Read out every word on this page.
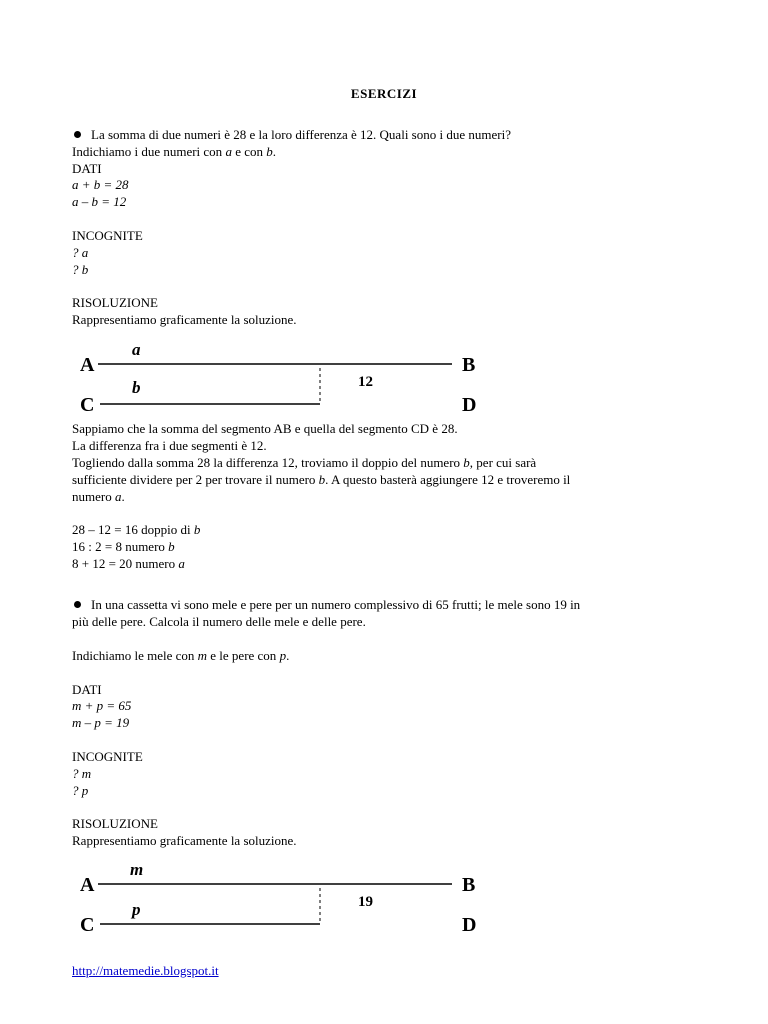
ESERCIZI
La somma di due numeri è 28 e la loro differenza è 12. Quali sono i due numeri?
Indichiamo i due numeri con a e con b.
DATI
a + b = 28
a – b = 12
INCOGNITE
? a
? b
RISOLUZIONE
Rappresentiamo graficamente la soluzione.
A
C
B
D
a
b	12
Sappiamo che la somma del segmento AB e quella del segmento CD è 28.
La differenza fra i due segmenti è 12.
Togliendo dalla somma 28 la differenza 12, troviamo il doppio del numero b, per cui sarà
sufficiente dividere per 2 per trovare il numero b. A questo basterà aggiungere 12 e troveremo il
numero a.
28 – 12 = 16 doppio di b
16 : 2 = 8 numero b
8 + 12 = 20 numero a
In una cassetta vi sono mele e pere per un numero complessivo di 65 frutti; le mele sono 19 in
più delle pere. Calcola il numero delle mele e delle pere.
Indichiamo le mele con m e le pere con p.
DATI
m + p = 65
m – p = 19
INCOGNITE
? m
? p
RISOLUZIONE
Rappresentiamo graficamente la soluzione.
A
C
B
D
m
p	19
http://matemedie.blogspot.it
